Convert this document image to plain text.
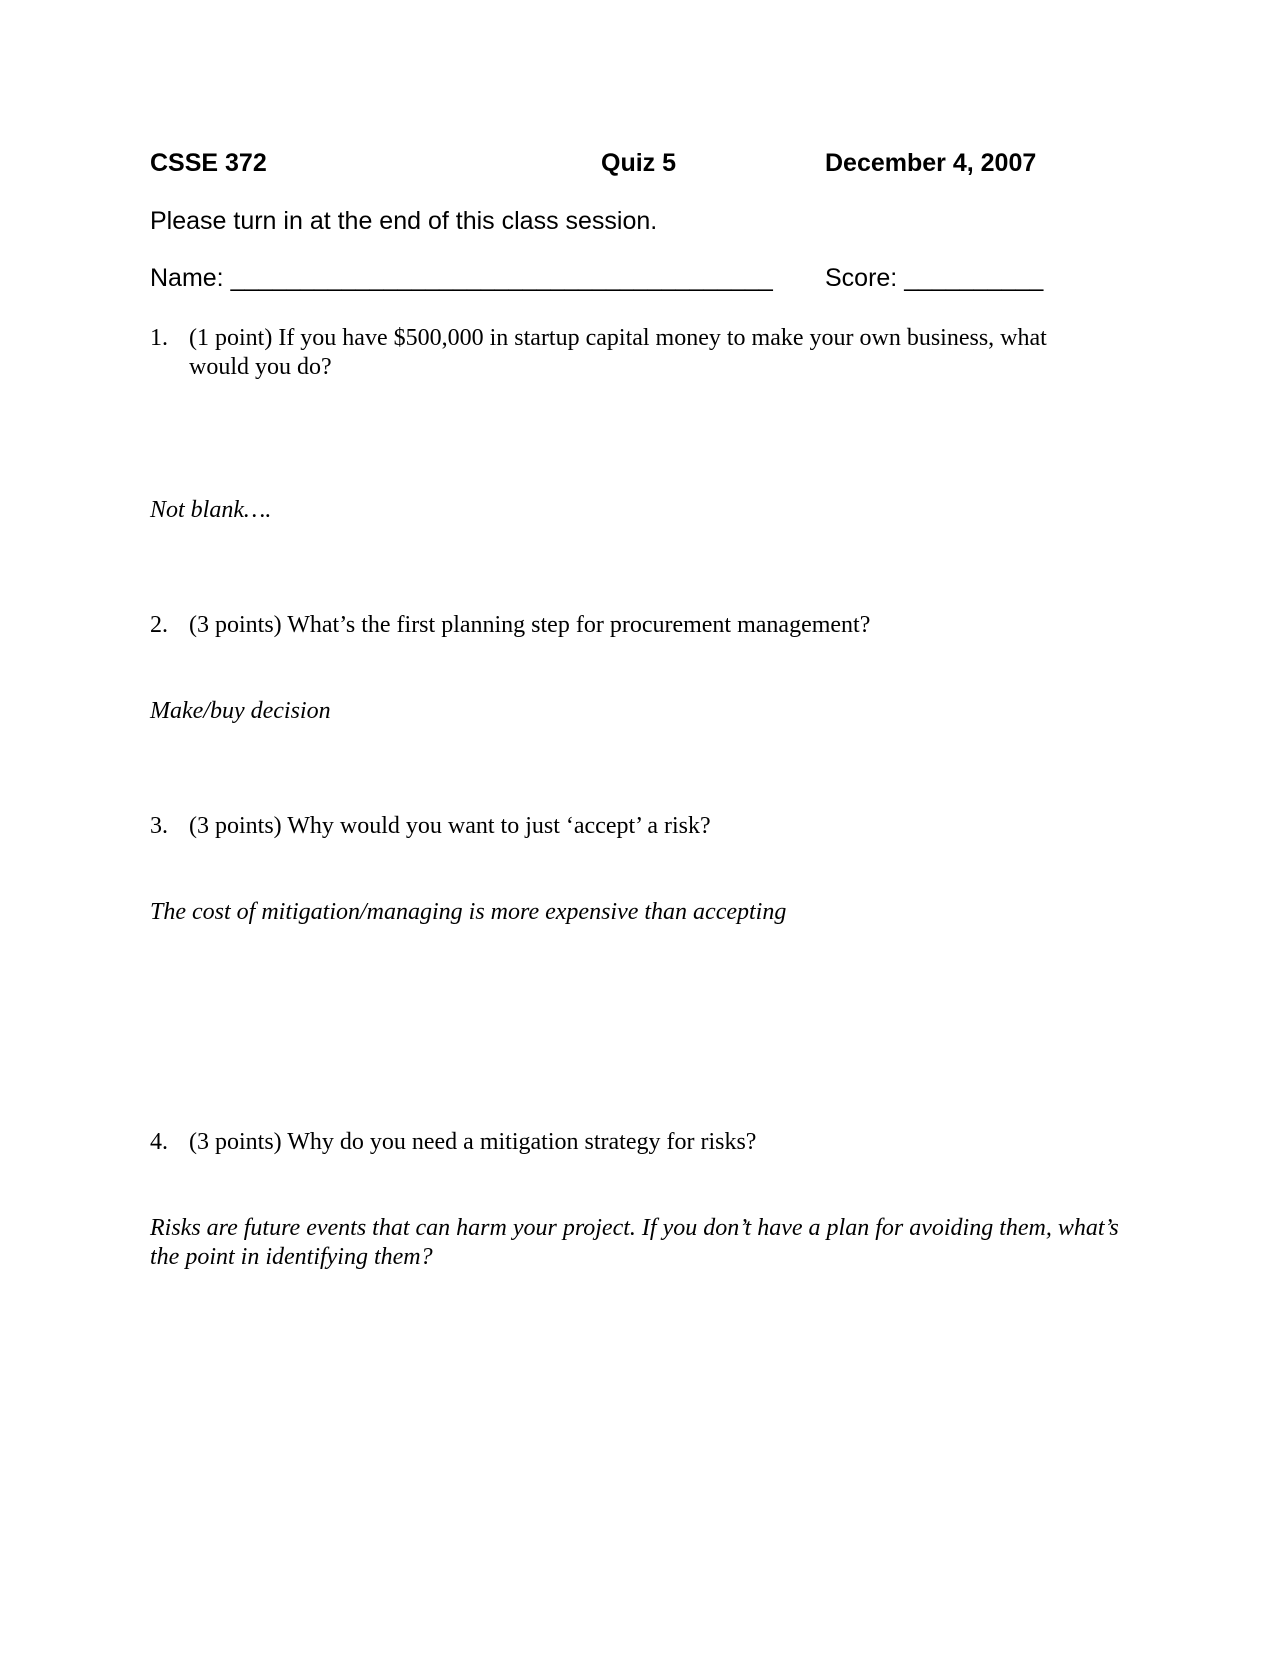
CSSE 372	Quiz 5	December 4, 2007
Please turn in at the end of this class session.
Name: _______________________________________ Score: __________
1. (1 point) If you have $500,000 in startup capital money to make your own business, what would you do?
Not blank….
2. (3 points) What’s the first planning step for procurement management?
Make/buy decision
3. (3 points) Why would you want to just ‘accept’ a risk?
The cost of mitigation/managing is more expensive than accepting
4. (3 points) Why do you need a mitigation strategy for risks?
Risks are future events that can harm your project. If you don’t have a plan for avoiding them, what’s the point in identifying them?
